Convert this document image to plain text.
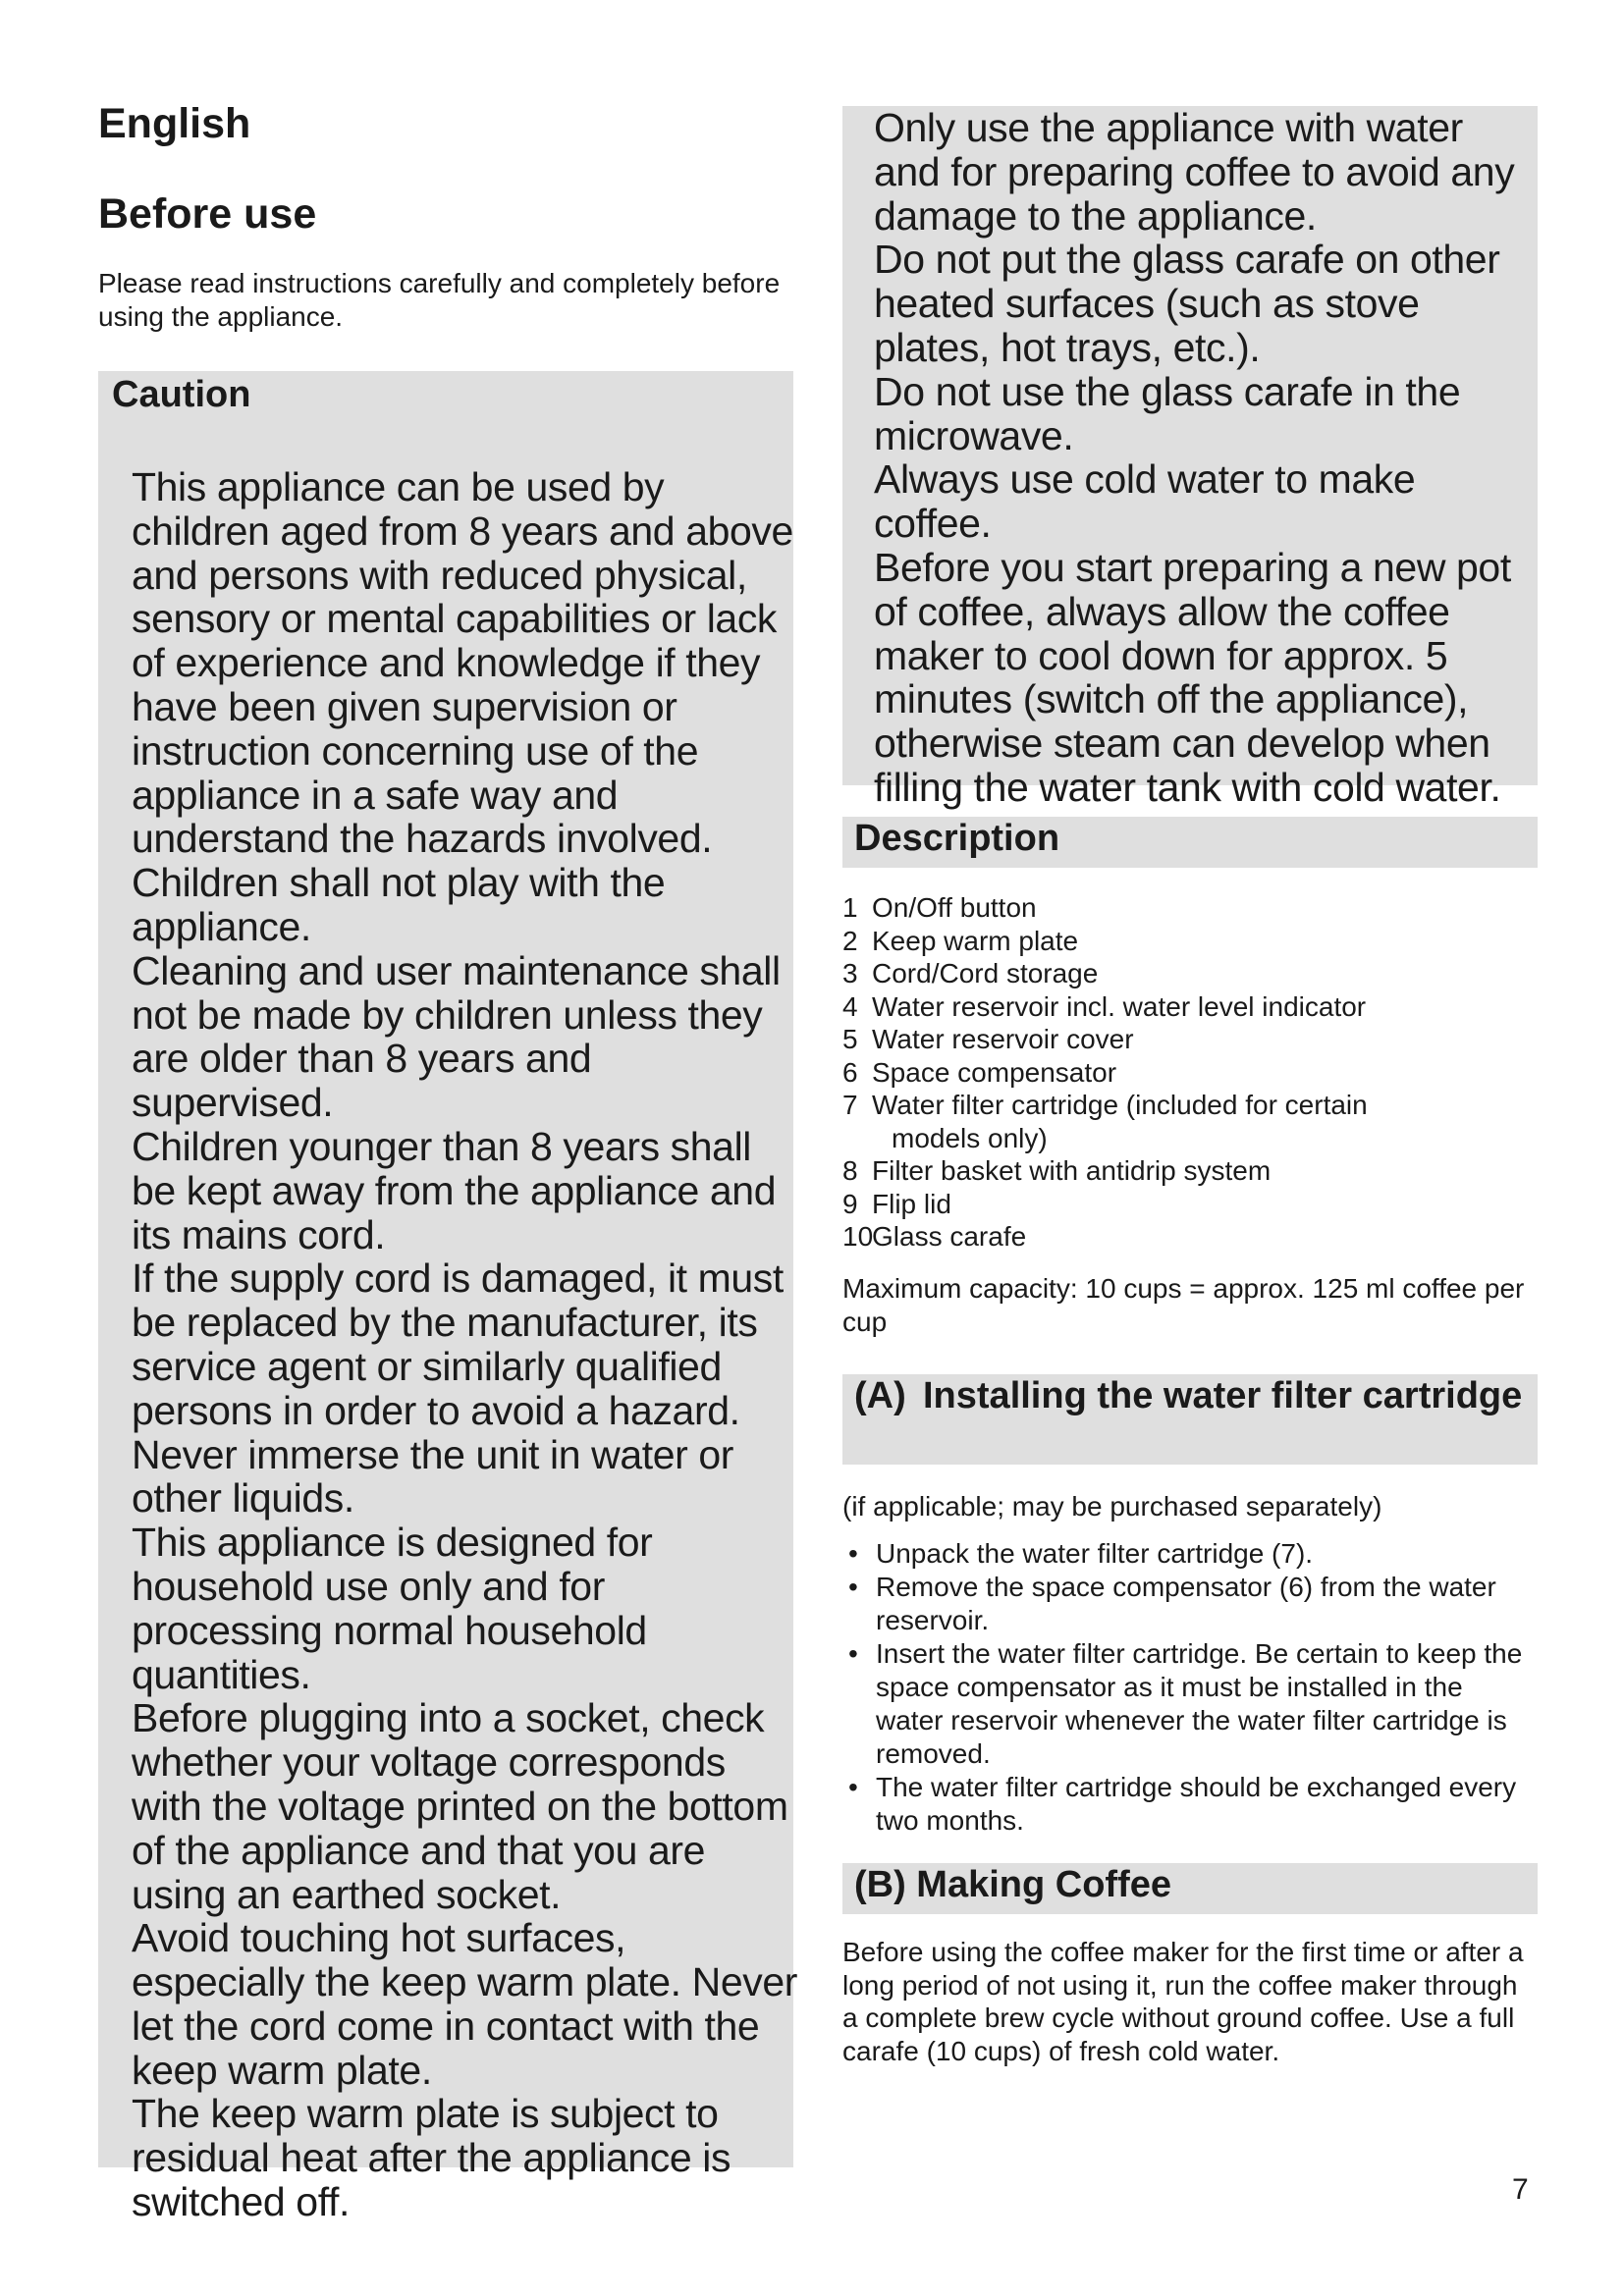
English
Before use

Please read instructions carefully and completely before using the appliance.

Caution

This appliance can be used by children aged from 8 years and above and persons with reduced physical, sensory or mental capabilities or lack of experience and knowledge if they have been given supervision or instruction concerning use of the appliance in a safe way and understand the hazards involved.

Children shall not play with the appliance.

Cleaning and user maintenance shall not be made by children unless they are older than 8 years and supervised.

Children younger than 8 years shall be kept away from the appliance and its mains cord.

If the supply cord is damaged, it must be replaced by the manufacturer, its service agent or similarly qualified persons in order to avoid a hazard.

Never immerse the unit in water or other liquids.

This appliance is designed for household use only and for processing normal household quantities.

Before plugging into a socket, check whether your voltage corresponds with the voltage printed on the bottom of the appliance and that you are using an earthed socket.

Avoid touching hot surfaces, especially the keep warm plate. Never let the cord come in contact with the keep warm plate.

The keep warm plate is subject to residual heat after the appliance is switched off.

Only use the appliance with water and for preparing coffee to avoid any damage to the appliance.

Do not put the glass carafe on other heated surfaces (such as stove plates, hot trays, etc.).

Do not use the glass carafe in the microwave.

Always use cold water to make coffee.

Before you start preparing a new pot of coffee, always allow the coffee maker to cool down for approx. 5 minutes (switch off the appliance), otherwise steam can develop when filling the water tank with cold water.

Description
1 On/Off button
2 Keep warm plate
3 Cord/Cord storage
4 Water reservoir incl. water level indicator
5 Water reservoir cover
6 Space compensator
7 Water filter cartridge (included for certain
models only)
8 Filter basket with antidrip system
9 Flip lid
10
Glass carafe

Maximum capacity: 10 cups = approx. 125 ml coffee per cup

(A) Installing the water filter cartridge

(if applicable; may be purchased separately)

• Unpack the water filter cartridge (7).
• Remove the space compensator (6) from the water reservoir.
• Insert the water filter cartridge. Be certain to keep the space compensator as it must be installed in the water reservoir whenever the water filter cartridge is removed.
• The water filter cartridge should be exchanged every two months.
(B) Making Coffee

Before using the coffee maker for the first time or after a long period of not using it, run the coffee maker through a complete brew cycle without ground coffee. Use a full carafe (10 cups) of fresh cold water.

7
